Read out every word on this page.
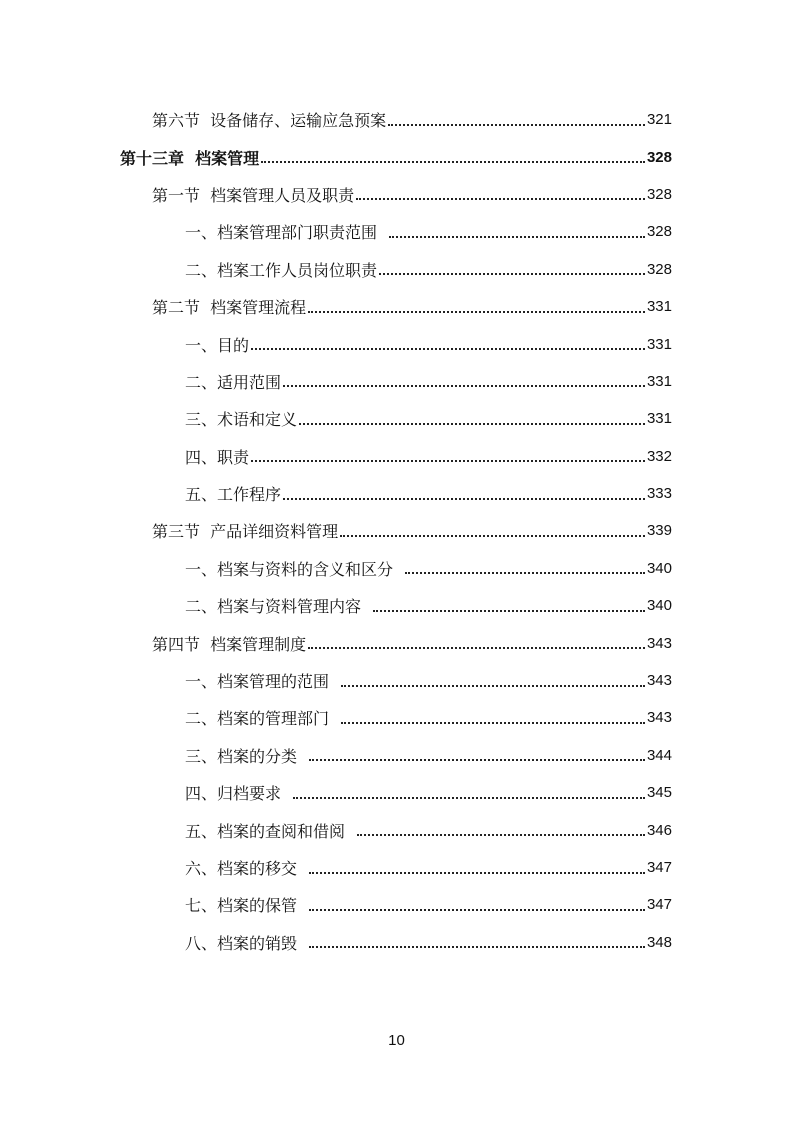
第六节  设备储存、运输应急预案	321
第十三章  档案管理	328
第一节  档案管理人员及职责	328
一、档案管理部门职责范围	328
二、档案工作人员岗位职责	328
第二节  档案管理流程	331
一、目的	331
二、适用范围	331
三、术语和定义	331
四、职责	332
五、工作程序	333
第三节  产品详细资料管理	339
一、档案与资料的含义和区分	340
二、档案与资料管理内容	340
第四节  档案管理制度	343
一、档案管理的范围	343
二、档案的管理部门	343
三、档案的分类	344
四、归档要求	345
五、档案的查阅和借阅	346
六、档案的移交	347
七、档案的保管	347
八、档案的销毁	348
10
